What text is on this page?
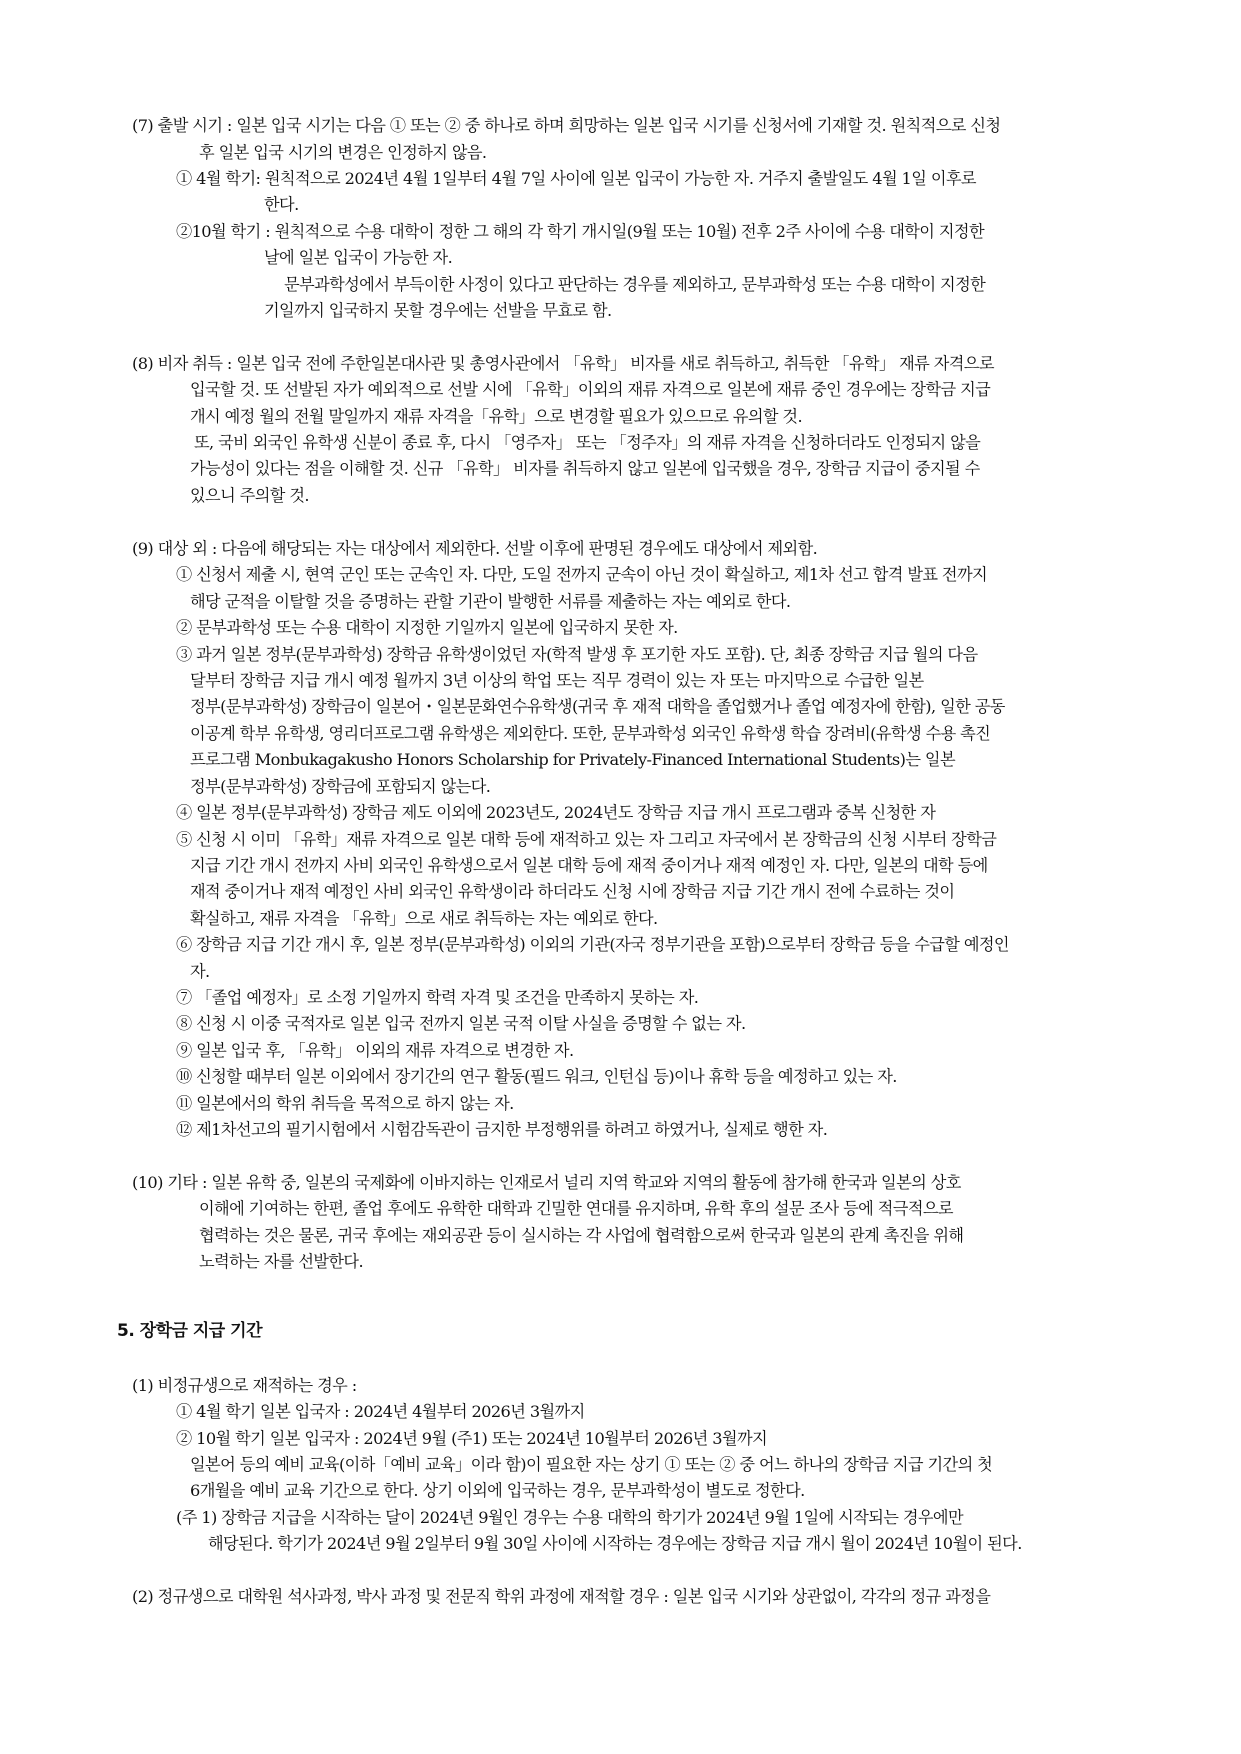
(7) 출발 시기 : 일본 입국 시기는 다음 ① 또는 ② 중 하나로 하며 희망하는 일본 입국 시기를 신청서에 기재할 것. 원칙적으로 신청
후 일본 입국 시기의 변경은 인정하지 않음.
① 4월 학기: 원칙적으로 2024년 4월 1일부터 4월 7일 사이에 일본 입국이 가능한 자. 거주지 출발일도 4월 1일 이후로
한다.
②10월 학기 : 원칙적으로 수용 대학이 정한 그 해의 각 학기 개시일(9월 또는 10월) 전후 2주 사이에 수용 대학이 지정한
날에 일본 입국이 가능한 자.
문부과학성에서 부득이한 사정이 있다고 판단하는 경우를 제외하고, 문부과학성 또는 수용 대학이 지정한
기일까지 입국하지 못할 경우에는 선발을 무효로 함.
(8) 비자 취득 : 일본 입국 전에 주한일본대사관 및 총영사관에서 「유학」 비자를 새로 취득하고, 취득한 「유학」 재류 자격으로
입국할 것. 또 선발된 자가 예외적으로 선발 시에 「유학」이외의 재류 자격으로 일본에 재류 중인 경우에는 장학금 지급
개시 예정 월의 전월 말일까지 재류 자격을「유학」으로 변경할 필요가 있으므로 유의할 것.
또, 국비 외국인 유학생 신분이 종료 후, 다시 「영주자」 또는 「정주자」의 재류 자격을 신청하더라도 인정되지 않을
가능성이 있다는 점을 이해할 것. 신규 「유학」 비자를 취득하지 않고 일본에 입국했을 경우, 장학금 지급이 중지될 수
있으니 주의할 것.
(9) 대상 외 : 다음에 해당되는 자는 대상에서 제외한다. 선발 이후에 판명된 경우에도 대상에서 제외함.
① 신청서 제출 시, 현역 군인 또는 군속인 자. 다만, 도일 전까지 군속이 아닌 것이 확실하고, 제1차 선고 합격 발표 전까지
해당 군적을 이탈할 것을 증명하는 관할 기관이 발행한 서류를 제출하는 자는 예외로 한다.
② 문부과학성 또는 수용 대학이 지정한 기일까지 일본에 입국하지 못한 자.
③ 과거 일본 정부(문부과학성) 장학금 유학생이었던 자(학적 발생 후 포기한 자도 포함). 단, 최종 장학금 지급 월의 다음
달부터 장학금 지급 개시 예정 월까지 3년 이상의 학업 또는 직무 경력이 있는 자 또는 마지막으로 수급한 일본
정부(문부과학성) 장학금이 일본어・일본문화연수유학생(귀국 후 재적 대학을 졸업했거나 졸업 예정자에 한함), 일한 공동
이공계 학부 유학생, 영리더프로그램 유학생은 제외한다. 또한, 문부과학성 외국인 유학생 학습 장려비(유학생 수용 촉진
프로그램 Monbukagakusho Honors Scholarship for Privately-Financed International Students)는 일본
정부(문부과학성) 장학금에 포함되지 않는다.
④ 일본 정부(문부과학성) 장학금 제도 이외에 2023년도, 2024년도 장학금 지급 개시 프로그램과 중복 신청한 자
⑤ 신청 시 이미 「유학」재류 자격으로 일본 대학 등에 재적하고 있는 자 그리고 자국에서 본 장학금의 신청 시부터 장학금
지급 기간 개시 전까지 사비 외국인 유학생으로서 일본 대학 등에 재적 중이거나 재적 예정인 자. 다만, 일본의 대학 등에
재적 중이거나 재적 예정인 사비 외국인 유학생이라 하더라도 신청 시에 장학금 지급 기간 개시 전에 수료하는 것이
확실하고, 재류 자격을 「유학」으로 새로 취득하는 자는 예외로 한다.
⑥ 장학금 지급 기간 개시 후, 일본 정부(문부과학성) 이외의 기관(자국 정부기관을 포함)으로부터 장학금 등을 수급할 예정인
자.
⑦ 「졸업 예정자」로 소정 기일까지 학력 자격 및 조건을 만족하지 못하는 자.
⑧ 신청 시 이중 국적자로 일본 입국 전까지 일본 국적 이탈 사실을 증명할 수 없는 자.
⑨ 일본 입국 후, 「유학」 이외의 재류 자격으로 변경한 자.
⑩ 신청할 때부터 일본 이외에서 장기간의 연구 활동(필드 워크, 인턴십 등)이나 휴학 등을 예정하고 있는 자.
⑪ 일본에서의 학위 취득을 목적으로 하지 않는 자.
⑫ 제1차선고의 필기시험에서 시험감독관이 금지한 부정행위를 하려고 하였거나, 실제로 행한 자.
(10) 기타 : 일본 유학 중, 일본의 국제화에 이바지하는 인재로서 널리 지역 학교와 지역의 활동에 참가해 한국과 일본의 상호
이해에 기여하는 한편, 졸업 후에도 유학한 대학과 긴밀한 연대를 유지하며, 유학 후의 설문 조사 등에 적극적으로
협력하는 것은 물론, 귀국 후에는 재외공관 등이 실시하는 각 사업에 협력함으로써 한국과 일본의 관계 촉진을 위해
노력하는 자를 선발한다.
5. 장학금 지급 기간
(1) 비정규생으로 재적하는 경우 :
① 4월 학기 일본 입국자 : 2024년 4월부터 2026년 3월까지
② 10월 학기 일본 입국자 : 2024년 9월 (주1) 또는 2024년 10월부터 2026년 3월까지
일본어 등의 예비 교육(이하「예비 교육」이라 함)이 필요한 자는 상기 ① 또는 ② 중 어느 하나의 장학금 지급 기간의 첫
6개월을 예비 교육 기간으로 한다. 상기 이외에 입국하는 경우, 문부과학성이 별도로 정한다.
(주 1) 장학금 지급을 시작하는 달이 2024년 9월인 경우는 수용 대학의 학기가 2024년 9월 1일에 시작되는 경우에만
해당된다. 학기가 2024년 9월 2일부터 9월 30일 사이에 시작하는 경우에는 장학금 지급 개시 월이 2024년 10월이 된다.
(2) 정규생으로 대학원 석사과정, 박사 과정 및 전문직 학위 과정에 재적할 경우 : 일본 입국 시기와 상관없이, 각각의 정규 과정을
